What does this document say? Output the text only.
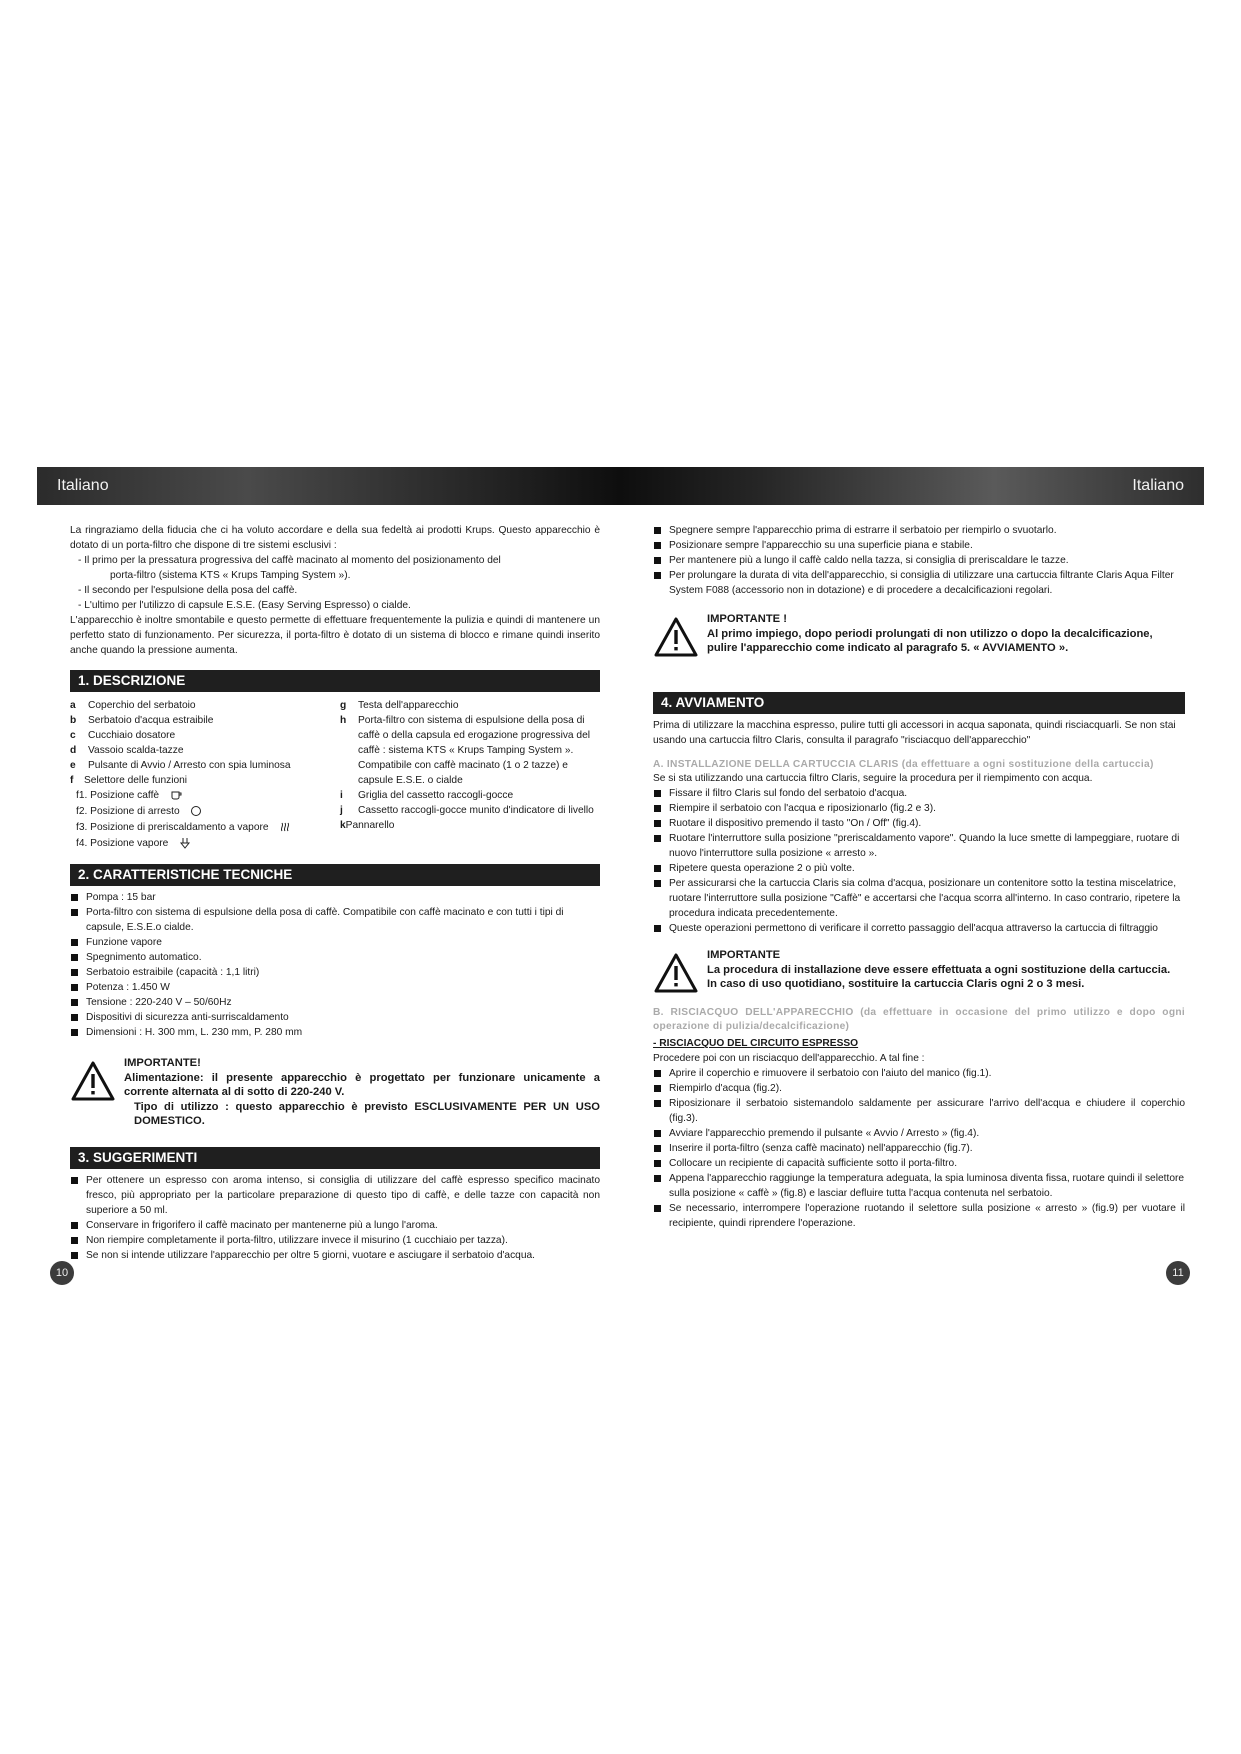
Italiano	Italiano

La ringraziamo della fiducia che ci ha voluto accordare e della sua fedeltà ai prodotti Krups. Questo apparecchio è dotato di un porta-filtro che dispone di tre sistemi esclusivi :

- Il primo per la pressatura progressiva del caffè macinato al momento del posizionamento del

porta-filtro (sistema KTS « Krups Tamping System »).

- Il secondo per l'espulsione della posa del caffè.

- L'ultimo per l'utilizzo di capsule E.S.E. (Easy Serving Espresso) o cialde.

L'apparecchio è inoltre smontabile e questo permette di effettuare frequentemente la pulizia e quindi di mantenere un perfetto stato di funzionamento. Per sicurezza, il porta-filtro è dotato di un sistema di blocco e rimane quindi inserito anche quando la pressione aumenta.

1. DESCRIZIONE
a	Coperchio del serbatoio
b	Serbatoio d'acqua estraibile
c	Cucchiaio dosatore
d	Vassoio scalda-tazze
e	Pulsante di Avvio / Arresto con spia luminosa
f	Selettore delle funzioni
f1. Posizione caffè
f2. Posizione di arresto
f3. Posizione di preriscaldamento a vapore
f4. Posizione vapore
g	Testa dell'apparecchio
h	Porta-filtro con sistema di espulsione della posa di caffè o della capsula ed erogazione progressiva del caffè : sistema KTS « Krups Tamping System ». Compatibile con caffè macinato (1 o 2 tazze) e capsule E.S.E. o cialde
i	Griglia del cassetto raccogli-gocce
j	Cassetto raccogli-gocce munito d'indicatore di livello
k Pannarello
2. CARATTERISTICHE TECNICHE

Pompa : 15 bar

Porta-filtro con sistema di espulsione della posa di caffè. Compatibile con caffè macinato e con tutti i tipi di capsule, E.S.E.o cialde.

Funzione vapore

Spegnimento automatico.

Serbatoio estraibile (capacità : 1,1 litri)

Potenza : 1.450 W

Tensione : 220-240 V – 50/60Hz

Dispositivi di sicurezza anti-surriscaldamento

Dimensioni : H. 300 mm, L. 230 mm, P. 280 mm

IMPORTANTE!
Alimentazione: il presente apparecchio è progettato per funzionare unicamente a corrente alternata al di sotto di 220-240 V.
Tipo di utilizzo : questo apparecchio è previsto ESCLUSIVAMENTE PER UN USO DOMESTICO.
3. SUGGERIMENTI

Per ottenere un espresso con aroma intenso, si consiglia di utilizzare del caffè espresso specifico macinato fresco, più appropriato per la particolare preparazione di questo tipo di caffè, e delle tazze con capacità non superiore a 50 ml.

Conservare in frigorifero il caffè macinato per mantenerne più a lungo l'aroma.

Non riempire completamente il porta-filtro, utilizzare invece il misurino (1 cucchiaio per tazza).

Se non si intende utilizzare l'apparecchio per oltre 5 giorni, vuotare e asciugare il serbatoio d'acqua.

Spegnere sempre l'apparecchio prima di estrarre il serbatoio per riempirlo o svuotarlo.

Posizionare sempre l'apparecchio su una superficie piana e stabile.

Per mantenere più a lungo il caffè caldo nella tazza, si consiglia di preriscaldare le tazze.

Per prolungare la durata di vita dell'apparecchio, si consiglia di utilizzare una cartuccia filtrante Claris Aqua Filter System F088 (accessorio non in dotazione) e di procedere a decalcificazioni regolari.

IMPORTANTE !
Al primo impiego, dopo periodi prolungati di non utilizzo o dopo la decalcificazione, pulire l'apparecchio come indicato al paragrafo 5. « AVVIAMENTO ».
4. AVVIAMENTO

Prima di utilizzare la macchina espresso, pulire tutti gli accessori in acqua saponata, quindi risciacquarli. Se non stai usando una cartuccia filtro Claris, consulta il paragrafo "risciacquo dell'apparecchio"

A. INSTALLAZIONE DELLA CARTUCCIA CLARIS (da effettuare a ogni sostituzione della cartuccia)

Se si sta utilizzando una cartuccia filtro Claris, seguire la procedura per il riempimento con acqua.

Fissare il filtro Claris sul fondo del serbatoio d'acqua.

Riempire il serbatoio con l'acqua e riposizionarlo (fig.2 e 3).

Ruotare il dispositivo premendo il tasto "On / Off" (fig.4).

Ruotare l'interruttore sulla posizione "preriscaldamento vapore". Quando la luce smette di lampeggiare, ruotare di nuovo l'interruttore sulla posizione « arresto ».

Ripetere questa operazione 2 o più volte.

Per assicurarsi che la cartuccia Claris sia colma d'acqua, posizionare un contenitore sotto la testina miscelatrice, ruotare l'interruttore sulla posizione "Caffè" e accertarsi che l'acqua scorra all'interno. In caso contrario, ripetere la procedura indicata precedentemente.

Queste operazioni permettono di verificare il corretto passaggio dell'acqua attraverso la cartuccia di filtraggio

IMPORTANTE
La procedura di installazione deve essere effettuata a ogni sostituzione della cartuccia.
In caso di uso quotidiano, sostituire la cartuccia Claris ogni 2 o 3 mesi.

B. RISCIACQUO DELL'APPARECCHIO (da effettuare in occasione del primo utilizzo e dopo ogni operazione di pulizia/decalcificazione)

- RISCIACQUO DEL CIRCUITO ESPRESSO

Procedere poi con un risciacquo dell'apparecchio. A tal fine :

Aprire il coperchio e rimuovere il serbatoio con l'aiuto del manico (fig.1).

Riempirlo d'acqua (fig.2).

Riposizionare il serbatoio sistemandolo saldamente per assicurare l'arrivo dell'acqua e chiudere il coperchio (fig.3).

Avviare l'apparecchio premendo il pulsante « Avvio / Arresto » (fig.4).

Inserire il porta-filtro (senza caffè macinato) nell'apparecchio (fig.7).

Collocare un recipiente di capacità sufficiente sotto il porta-filtro.

Appena l'apparecchio raggiunge la temperatura adeguata, la spia luminosa diventa fissa, ruotare quindi il selettore sulla posizione « caffè » (fig.8) e lasciar defluire tutta l'acqua contenuta nel serbatoio.

Se necessario, interrompere l'operazione ruotando il selettore sulla posizione « arresto » (fig.9) per vuotare il recipiente, quindi riprendere l'operazione.

10	11
